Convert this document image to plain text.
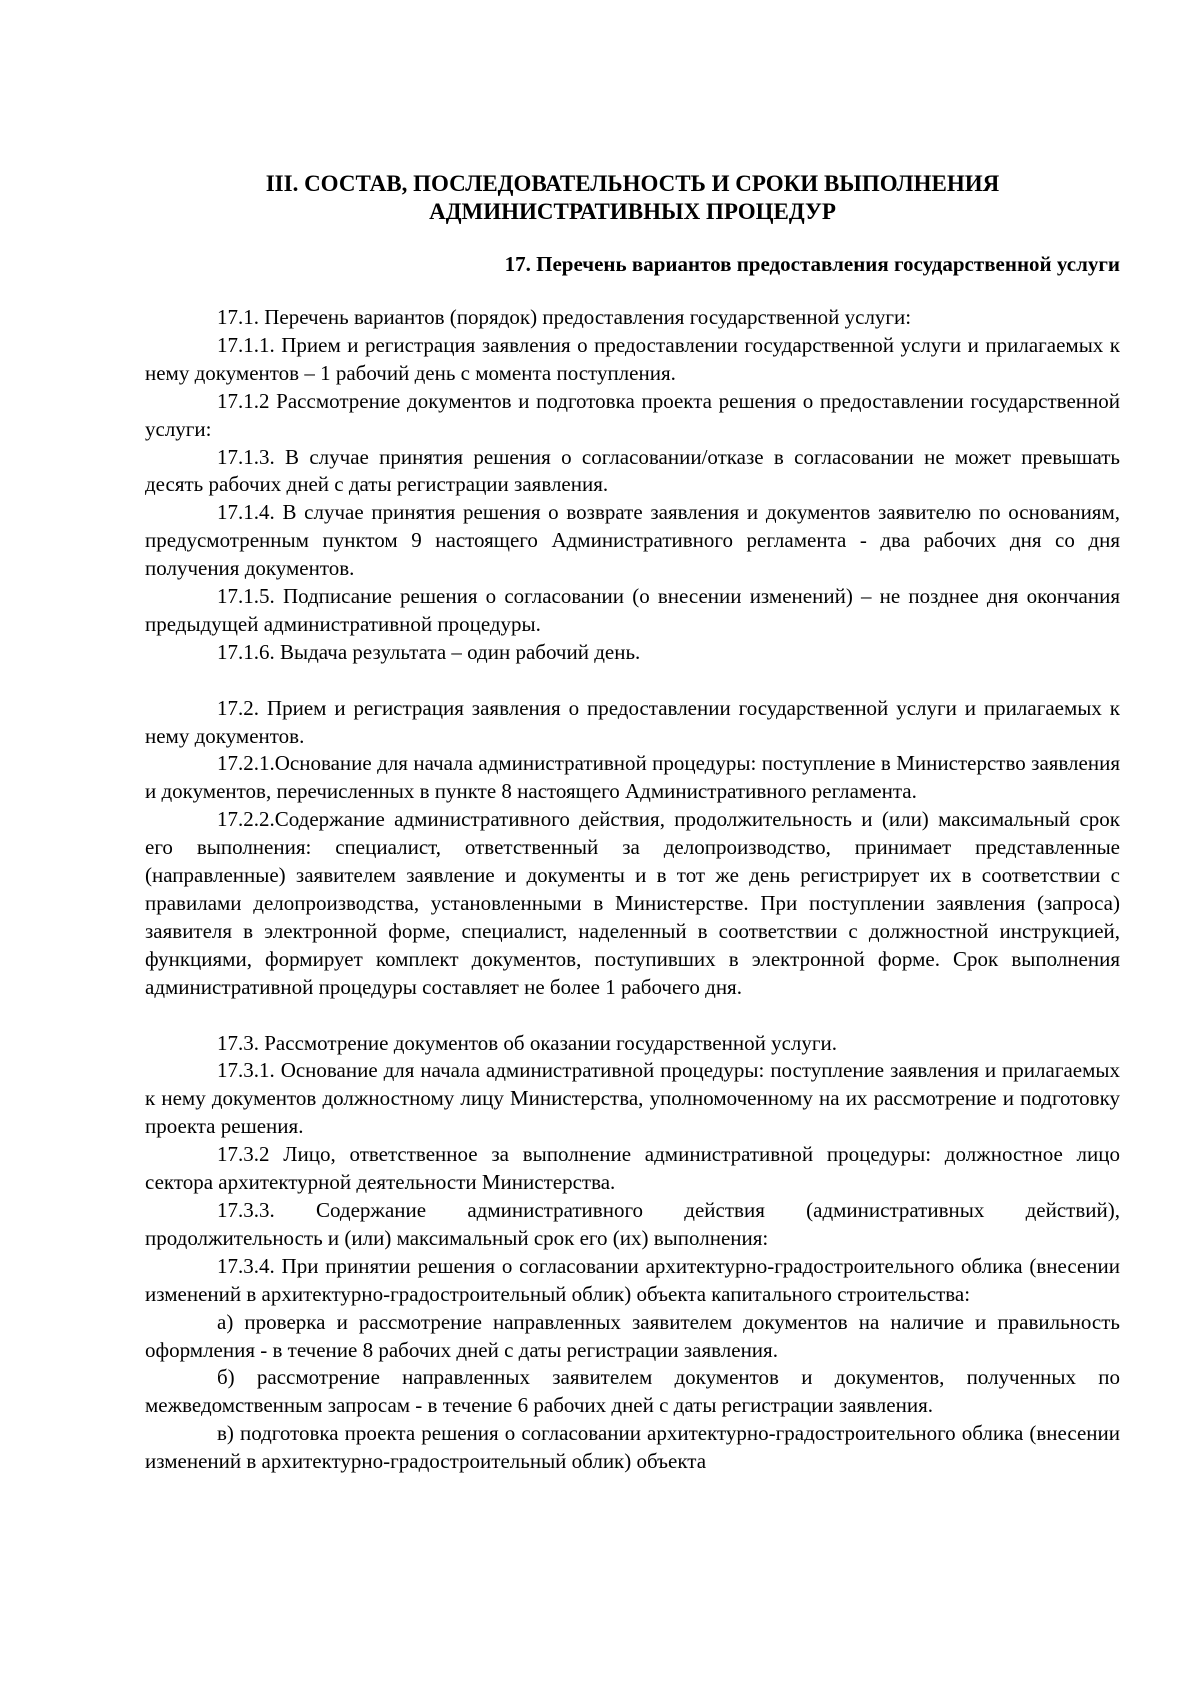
III. СОСТАВ, ПОСЛЕДОВАТЕЛЬНОСТЬ И СРОКИ ВЫПОЛНЕНИЯ
АДМИНИСТРАТИВНЫХ ПРОЦЕДУР
17. Перечень вариантов предоставления государственной услуги

17.1. Перечень вариантов (порядок) предоставления государственной услуги:

17.1.1. Прием и регистрация заявления о предоставлении государственной услуги и прилагаемых к нему документов – 1 рабочий день с момента поступления.

17.1.2 Рассмотрение документов и подготовка проекта решения о предоставлении государственной услуги:

17.1.3. В случае принятия решения о согласовании/отказе в согласовании не может превышать десять рабочих дней с даты регистрации заявления.

17.1.4. В случае принятия решения о возврате заявления и документов заявителю по основаниям, предусмотренным пунктом 9 настоящего Административного регламента - два рабочих дня со дня получения документов.

17.1.5. Подписание решения о согласовании (о внесении изменений) – не позднее дня окончания предыдущей административной процедуры.

17.1.6. Выдача результата – один рабочий день.

17.2. Прием и регистрация заявления о предоставлении государственной услуги и прилагаемых к нему документов.

17.2.1.Основание для начала административной процедуры: поступление в Министерство заявления и документов, перечисленных в пункте 8 настоящего Административного регламента.

17.2.2.Содержание административного действия, продолжительность и (или) максимальный срок его выполнения: специалист, ответственный за делопроизводство, принимает представленные (направленные) заявителем заявление и документы и в тот же день регистрирует их в соответствии с правилами делопроизводства, установленными в Министерстве. При поступлении заявления (запроса) заявителя в электронной форме, специалист, наделенный в соответствии с должностной инструкцией, функциями, формирует комплект документов, поступивших в электронной форме. Срок выполнения административной процедуры составляет не более 1 рабочего дня.

17.3. Рассмотрение документов об оказании государственной услуги.

17.3.1. Основание для начала административной процедуры: поступление заявления и прилагаемых к нему документов должностному лицу Министерства, уполномоченному на их рассмотрение и подготовку проекта решения.

17.3.2 Лицо, ответственное за выполнение административной процедуры: должностное лицо сектора архитектурной деятельности Министерства.

17.3.3. Содержание административного действия (административных действий), продолжительность и (или) максимальный срок его (их) выполнения:

17.3.4. При принятии решения о согласовании архитектурно-градостроительного облика (внесении изменений в архитектурно-градостроительный облик) объекта капитального строительства:

а) проверка и рассмотрение направленных заявителем документов на наличие и правильность оформления - в течение 8 рабочих дней с даты регистрации заявления.

б) рассмотрение направленных заявителем документов и документов, полученных по межведомственным запросам - в течение 6 рабочих дней с даты регистрации заявления.

в) подготовка проекта решения о согласовании архитектурно-градостроительного облика (внесении изменений в архитектурно-градостроительный облик) объекта
